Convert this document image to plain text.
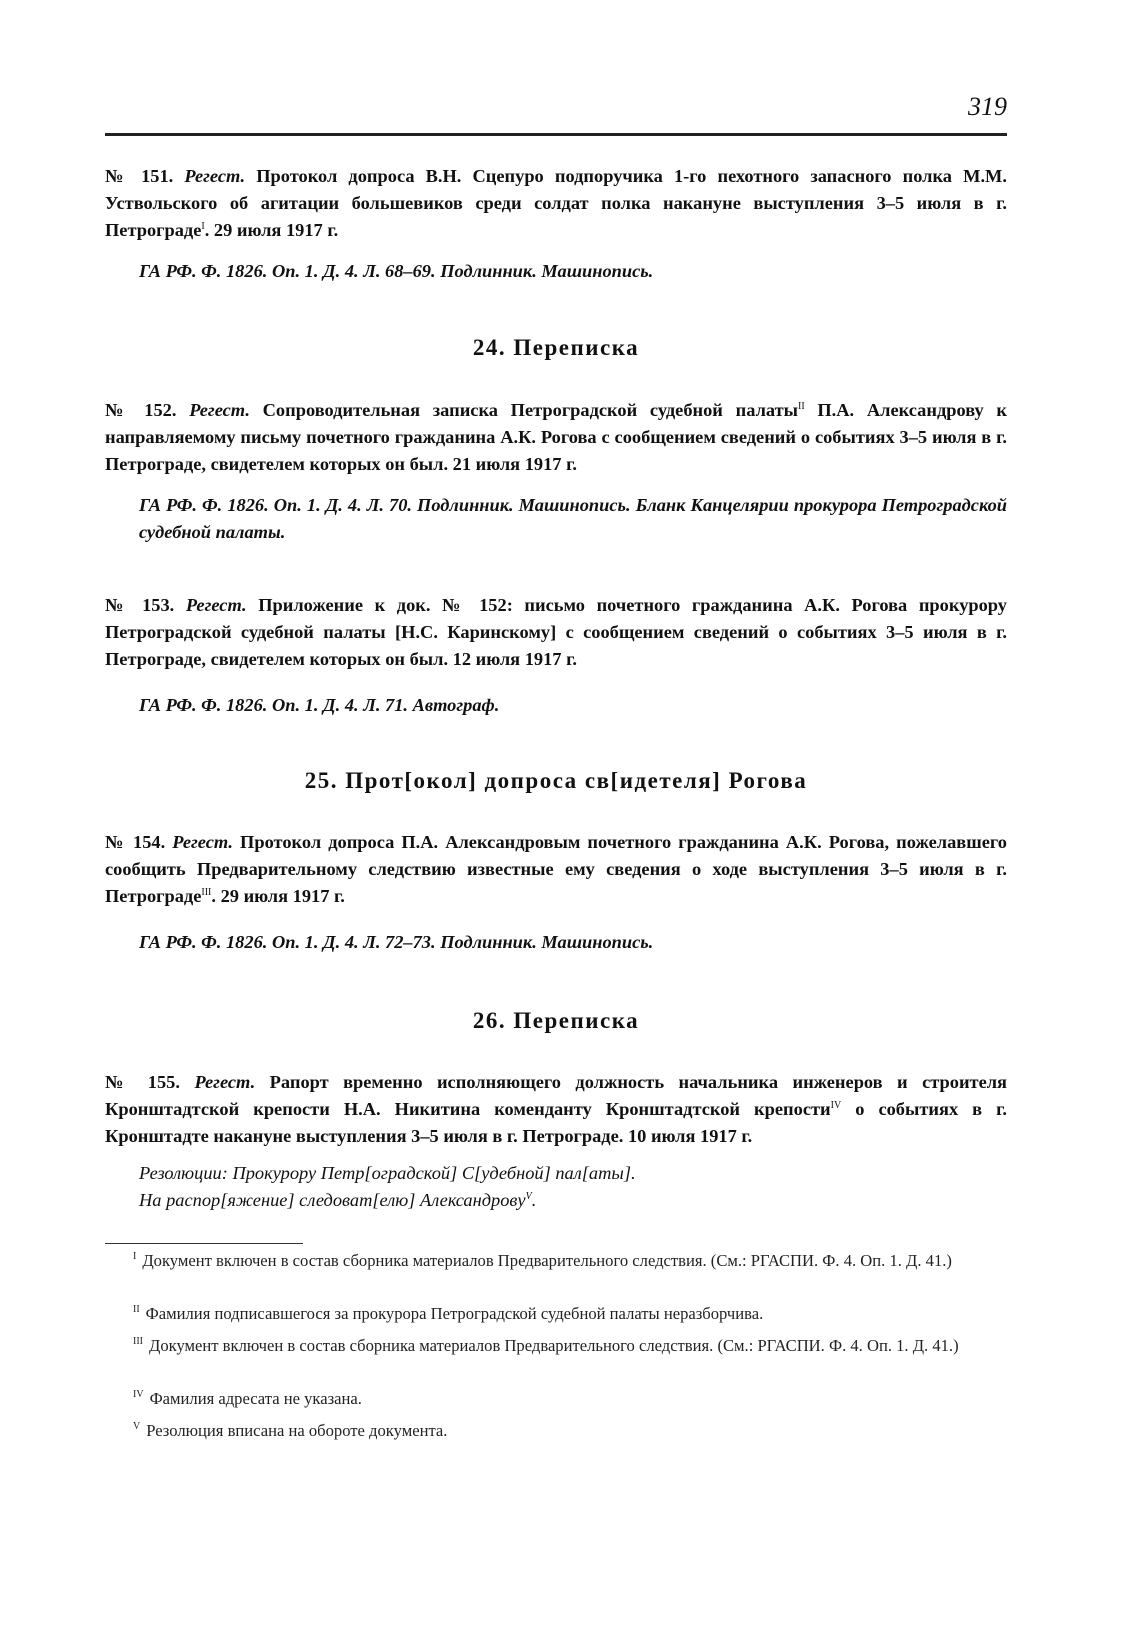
319
№ 151. Регест. Протокол допроса В.Н. Сцепуро подпоручика 1-го пехотного запасного полка М.М. Уствольского об агитации большевиков среди солдат полка накануне выступления 3–5 июля в г. Петрограде$^I$. 29 июля 1917 г.
ГА РФ. Ф. 1826. Оп. 1. Д. 4. Л. 68–69. Подлинник. Машинопись.
24. Переписка
№ 152. Регест. Сопроводительная записка Петроградской судебной палаты$^{II}$ П.А. Александрову к направляемому письму почетного гражданина А.К. Рогова с сообщением сведений о событиях 3–5 июля в г. Петрограде, свидетелем которых он был. 21 июля 1917 г.
ГА РФ. Ф. 1826. Оп. 1. Д. 4. Л. 70. Подлинник. Машинопись. Бланк Канцелярии прокурора Петроградской судебной палаты.
№ 153. Регест. Приложение к док. № 152: письмо почетного гражданина А.К. Рогова прокурору Петроградской судебной палаты [Н.С. Каринскому] с сообщением сведений о событиях 3–5 июля в г. Петрограде, свидетелем которых он был. 12 июля 1917 г.
ГА РФ. Ф. 1826. Оп. 1. Д. 4. Л. 71. Автограф.
25. Прот[окол] допроса св[идетеля] Рогова
№ 154. Регест. Протокол допроса П.А. Александровым почетного гражданина А.К. Рогова, пожелавшего сообщить Предварительному следствию известные ему сведения о ходе выступления 3–5 июля в г. Петрограде$^{III}$. 29 июля 1917 г.
ГА РФ. Ф. 1826. Оп. 1. Д. 4. Л. 72–73. Подлинник. Машинопись.
26. Переписка
№ 155. Регест. Рапорт временно исполняющего должность начальника инженеров и строителя Кронштадтской крепости Н.А. Никитина коменданту Кронштадтской крепости$^{IV}$ о событиях в г. Кронштадте накануне выступления 3–5 июля в г. Петрограде. 10 июля 1917 г.
Резолюции: Прокурору Петр[оградской] С[удебной] пал[аты].
На распор[яжение] следоват[елю] Александрову$^V$.
$^I$ Документ включен в состав сборника материалов Предварительного следствия. (См.: РГАСПИ. Ф. 4. Оп. 1. Д. 41.)
$^{II}$ Фамилия подписавшегося за прокурора Петроградской судебной палаты неразборчива.
$^{III}$ Документ включен в состав сборника материалов Предварительного следствия. (См.: РГАСПИ. Ф. 4. Оп. 1. Д. 41.)
$^{IV}$ Фамилия адресата не указана.
$^V$ Резолюция вписана на обороте документа.
